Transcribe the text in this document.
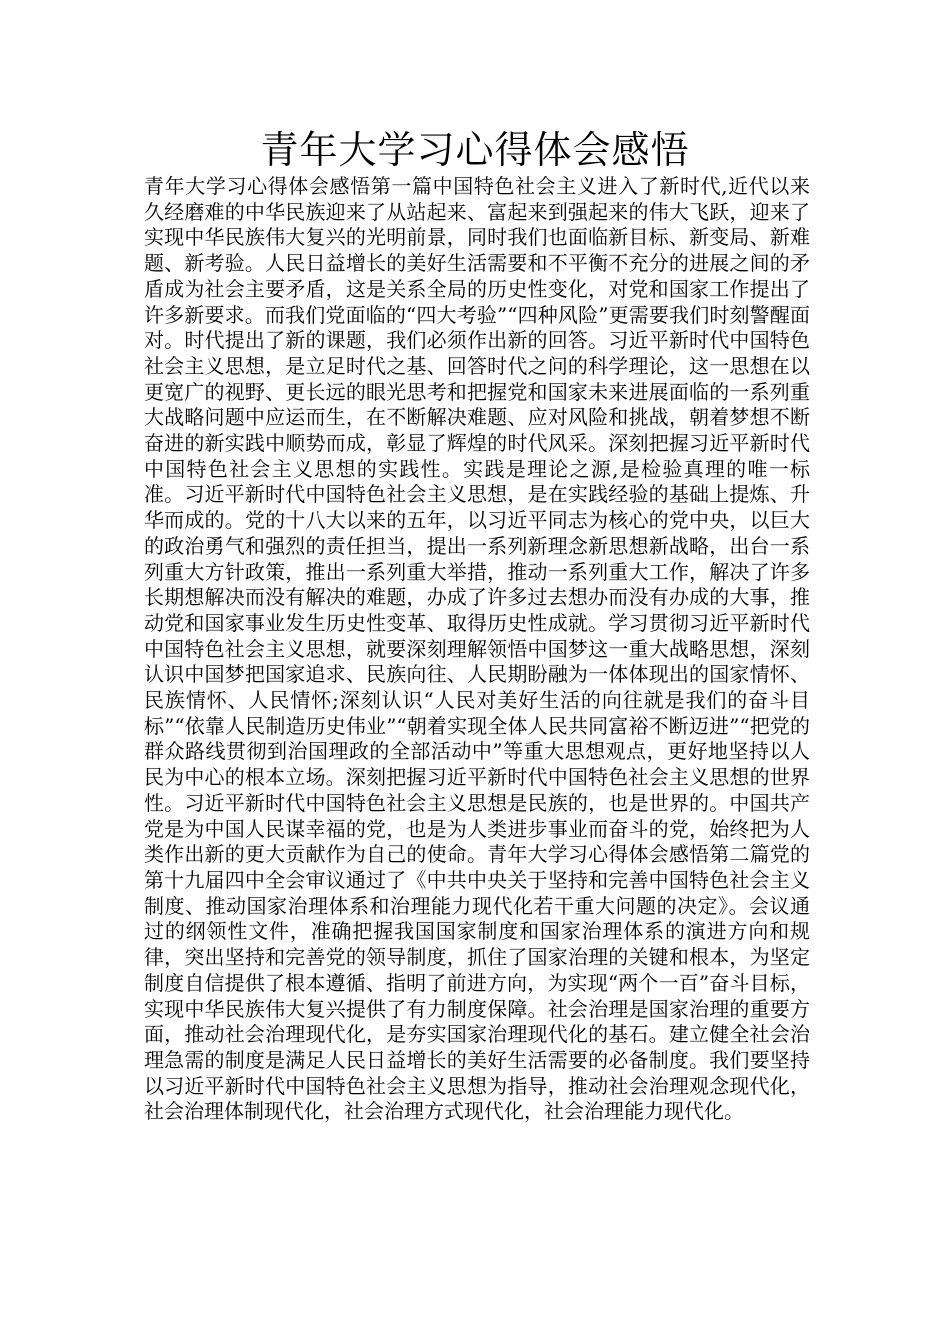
青年大学习心得体会感悟

青年大学习心得体会感悟第一篇中国特色社会主义进入了新时代,近代以来久经磨难的中华民族迎来了从站起来、富起来到强起来的伟大飞跃，迎来了实现中华民族伟大复兴的光明前景，同时我们也面临新目标、新变局、新难题、新考验。人民日益增长的美好生活需要和不平衡不充分的进展之间的矛盾成为社会主要矛盾，这是关系全局的历史性变化，对党和国家工作提出了许多新要求。而我们党面临的“四大考验”“四种风险”更需要我们时刻警醒面对。时代提出了新的课题，我们必须作出新的回答。习近平新时代中国特色社会主义思想，是立足时代之基、回答时代之问的科学理论，这一思想在以更宽广的视野、更长远的眼光思考和把握党和国家未来进展面临的一系列重大战略问题中应运而生，在不断解决难题、应对风险和挑战，朝着梦想不断奋进的新实践中顺势而成，彰显了辉煌的时代风采。深刻把握习近平新时代中国特色社会主义思想的实践性。实践是理论之源,是检验真理的唯一标准。习近平新时代中国特色社会主义思想，是在实践经验的基础上提炼、升华而成的。党的十八大以来的五年，以习近平同志为核心的党中央，以巨大的政治勇气和强烈的责任担当，提出一系列新理念新思想新战略，出台一系列重大方针政策，推出一系列重大举措，推动一系列重大工作，解决了许多长期想解决而没有解决的难题，办成了许多过去想办而没有办成的大事，推动党和国家事业发生历史性变革、取得历史性成就。学习贯彻习近平新时代中国特色社会主义思想，就要深刻理解领悟中国梦这一重大战略思想，深刻认识中国梦把国家追求、民族向往、人民期盼融为一体体现出的国家情怀、民族情怀、人民情怀;深刻认识“人民对美好生活的向往就是我们的奋斗目标”“依靠人民制造历史伟业”“朝着实现全体人民共同富裕不断迈进”“把党的群众路线贯彻到治国理政的全部活动中”等重大思想观点，更好地坚持以人民为中心的根本立场。深刻把握习近平新时代中国特色社会主义思想的世界性。习近平新时代中国特色社会主义思想是民族的，也是世界的。中国共产党是为中国人民谋幸福的党，也是为人类进步事业而奋斗的党，始终把为人类作出新的更大贡献作为自己的使命。青年大学习心得体会感悟第二篇党的第十九届四中全会审议通过了《中共中央关于坚持和完善中国特色社会主义制度、推动国家治理体系和治理能力现代化若干重大问题的决定》。会议通过的纲领性文件，准确把握我国国家制度和国家治理体系的演进方向和规律，突出坚持和完善党的领导制度，抓住了国家治理的关键和根本，为坚定制度自信提供了根本遵循、指明了前进方向，为实现“两个一百”奋斗目标，实现中华民族伟大复兴提供了有力制度保障。社会治理是国家治理的重要方面，推动社会治理现代化，是夯实国家治理现代化的基石。建立健全社会治理急需的制度是满足人民日益增长的美好生活需要的必备制度。我们要坚持以习近平新时代中国特色社会主义思想为指导，推动社会治理观念现代化，社会治理体制现代化，社会治理方式现代化，社会治理能力现代化。
